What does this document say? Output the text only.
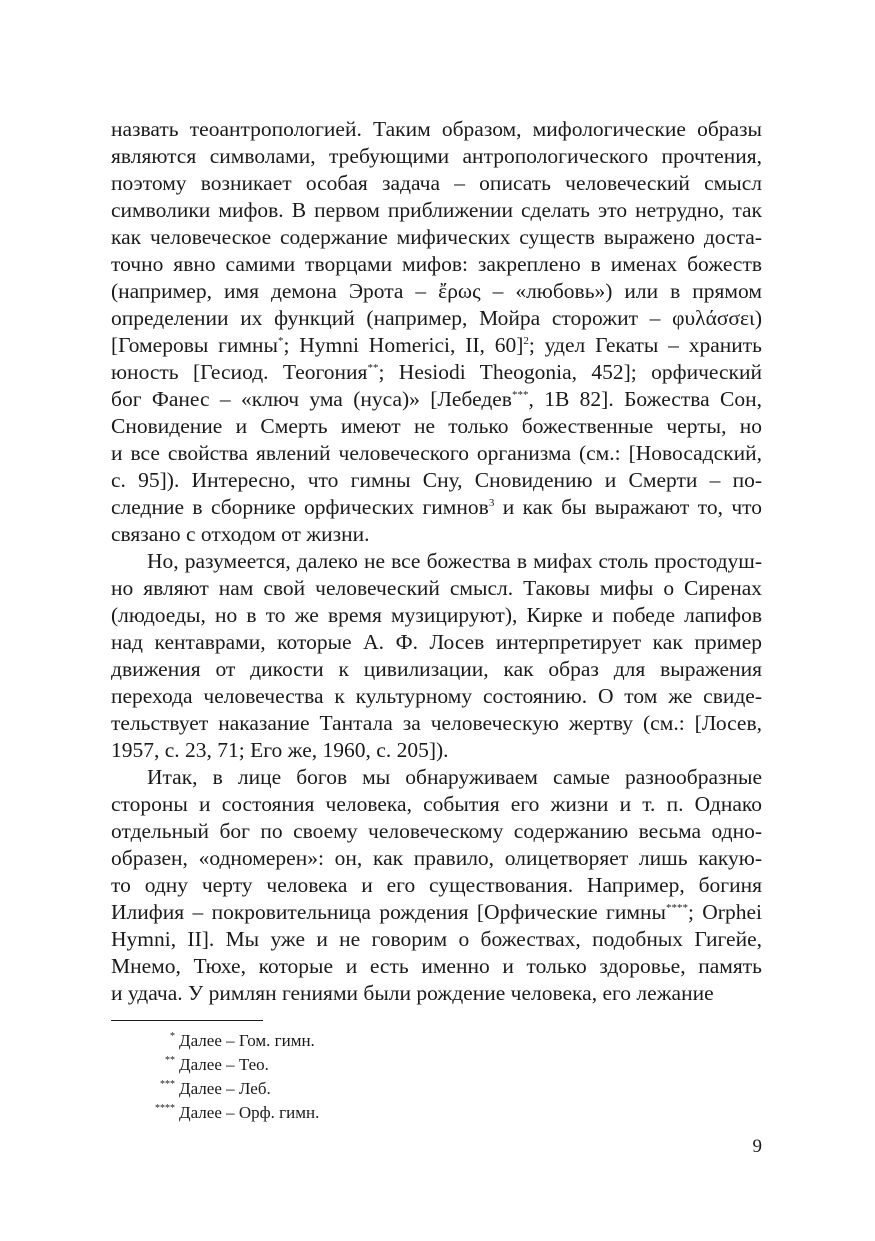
назвать теоантропологией. Таким образом, мифологические образы
являются символами, требующими антропологического прочтения,
поэтому возникает особая задача – описать человеческий смысл
символики мифов. В первом приближении сделать это нетрудно, так
как человеческое содержание мифических существ выражено доста-
точно явно самими творцами мифов: закреплено в именах божеств
(например, имя демона Эрота – ἔρως – «любовь») или в прямом
определении их функций (например, Мойра сторожит – φυλάσσει)
[Гомеровы гимны*; Hymni Homerici, II, 60]$^2$; удел Гекаты – хранить
юность [Гесиод. Теогония**; Hesiodi Theogonia, 452]; орфический
бог Фанес – «ключ ума (нуса)» [Лебедев***, 1B 82]. Божества Сон,
Сновидение и Смерть имеют не только божественные черты, но
и все свойства явлений человеческого организма (см.: [Новосадский,
с. 95]). Интересно, что гимны Сну, Сновидению и Смерти – по-
следние в сборнике орфических гимнов$^3$ и как бы выражают то, что
связано с отходом от жизни.
Но, разумеется, далеко не все божества в мифах столь простодуш-
но являют нам свой человеческий смысл. Таковы мифы о Сиренах
(людоеды, но в то же время музицируют), Кирке и победе лапифов
над кентаврами, которые А. Ф. Лосев интерпретирует как пример
движения от дикости к цивилизации, как образ для выражения
перехода человечества к культурному состоянию. О том же свиде-
тельствует наказание Тантала за человеческую жертву (см.: [Лосев,
1957, с. 23, 71; Его же, 1960, с. 205]).
Итак, в лице богов мы обнаруживаем самые разнообразные
стороны и состояния человека, события его жизни и т. п. Однако
отдельный бог по своему человеческому содержанию весьма одно-
образен, «одномерен»: он, как правило, олицетворяет лишь какую-
то одну черту человека и его существования. Например, богиня
Илифия – покровительница рождения [Орфические гимны****; Orphei
Hymni, II]. Мы уже и не говорим о божествах, подобных Гигейе,
Мнемо, Тюхе, которые и есть именно и только здоровье, память
и удача. У римлян гениями были рождение человека, его лежание
* Далее – Гом. гимн.
** Далее – Тео.
*** Далее – Леб.
**** Далее – Орф. гимн.
9
